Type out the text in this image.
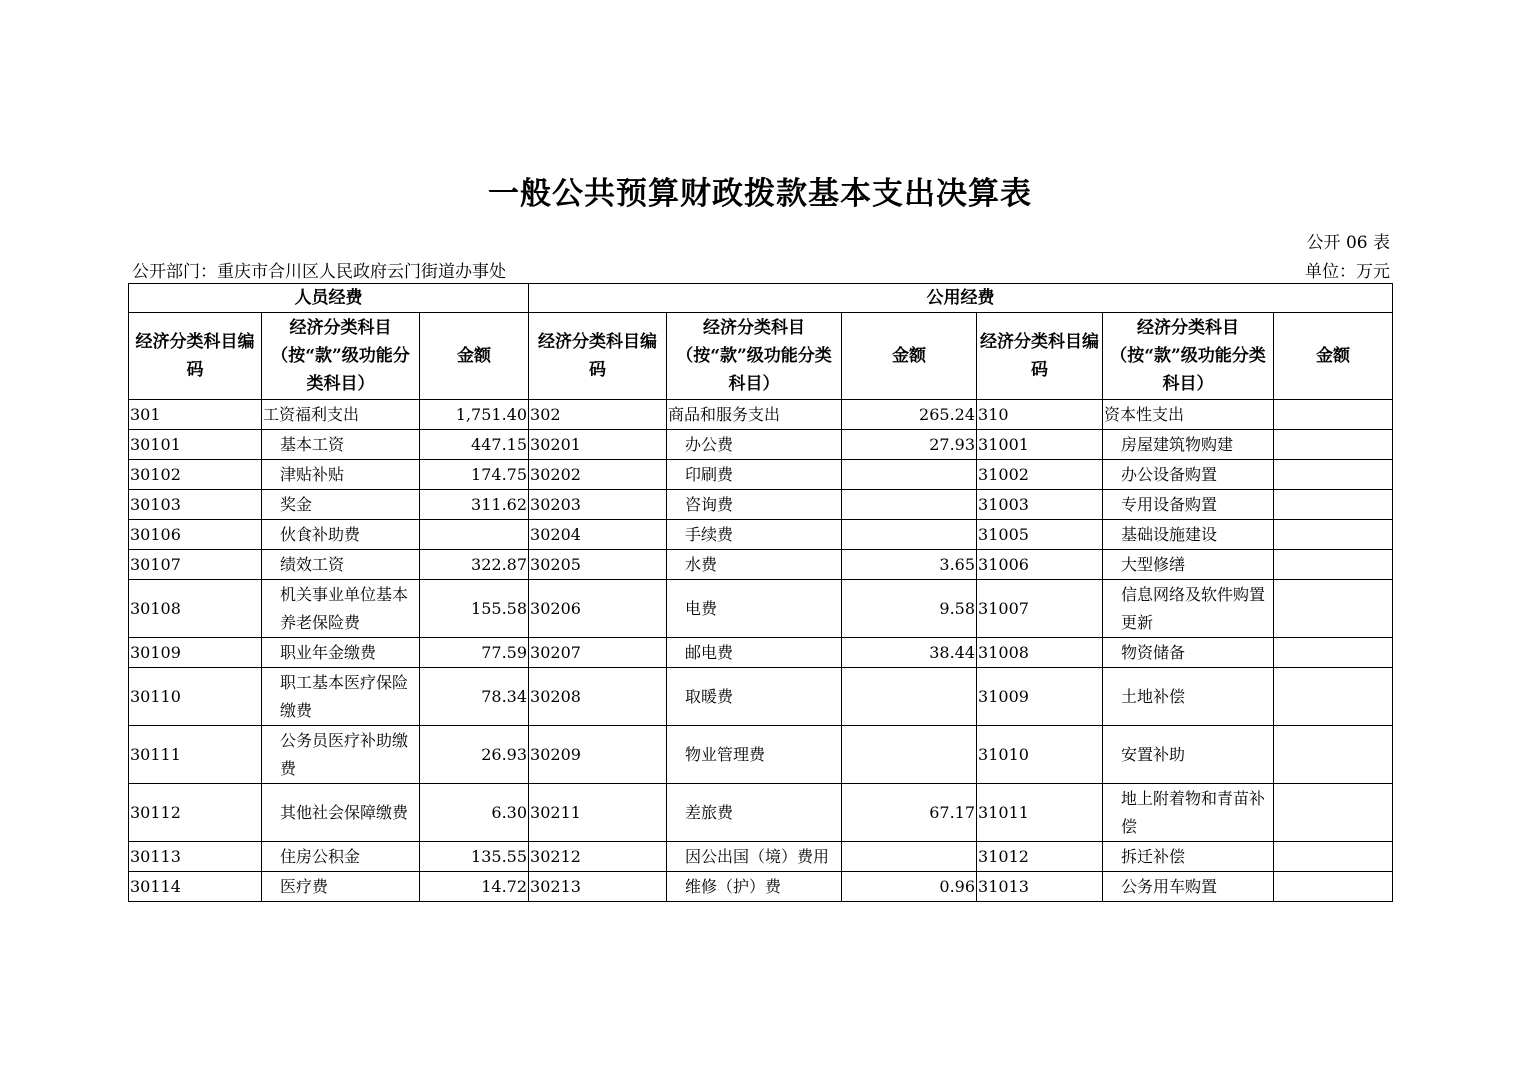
一般公共预算财政拨款基本支出决算表
公开 06 表
公开部门：重庆市合川区人民政府云门街道办事处	单位：万元
人员经费			公用经费					
经济分类科目编码	经济分类科目（按“款”级功能分类科目）	金额	经济分类科目编码	经济分类科目（按“款”级功能分类科目）	金额	经济分类科目编码	经济分类科目（按“款”级功能分类科目）	金额
301	工资福利支出	1,751.40	302	商品和服务支出	265.24	310	资本性支出	
30101	基本工资	447.15	30201	办公费	27.93	31001	房屋建筑物购建	
30102	津贴补贴	174.75	30202	印刷费		31002	办公设备购置	
30103	奖金	311.62	30203	咨询费		31003	专用设备购置	
30106	伙食补助费		30204	手续费		31005	基础设施建设	
30107	绩效工资	322.87	30205	水费	3.65	31006	大型修缮	
30108	机关事业单位基本养老保险费	155.58	30206	电费	9.58	31007	信息网络及软件购置更新	
30109	职业年金缴费	77.59	30207	邮电费	38.44	31008	物资储备	
30110	职工基本医疗保险缴费	78.34	30208	取暖费		31009	土地补偿	
30111	公务员医疗补助缴费	26.93	30209	物业管理费		31010	安置补助	
30112	其他社会保障缴费	6.30	30211	差旅费	67.17	31011	地上附着物和青苗补偿	
30113	住房公积金	135.55	30212	因公出国（境）费用		31012	拆迁补偿	
30114	医疗费	14.72	30213	维修（护）费	0.96	31013	公务用车购置	
